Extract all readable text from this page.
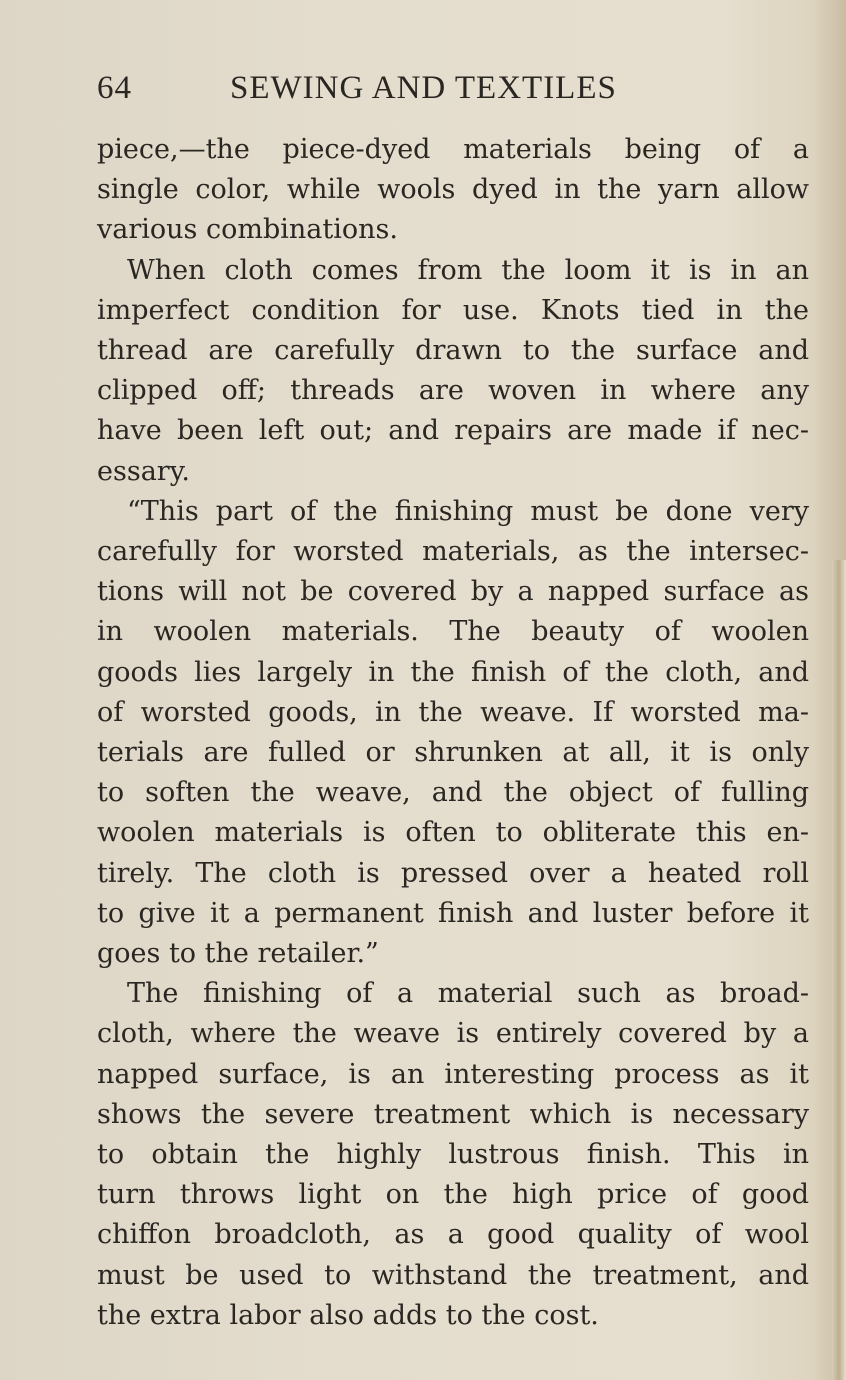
64	SEWING AND TEXTILES
piece,—the piece-dyed materials being of a
single color, while wools dyed in the yarn allow
various combinations.
When cloth comes from the loom it is in an
imperfect condition for use. Knots tied in the
thread are carefully drawn to the surface and
clipped off; threads are woven in where any
have been left out; and repairs are made if nec-
essary.
“This part of the finishing must be done very
carefully for worsted materials, as the intersec-
tions will not be covered by a napped surface as
in woolen materials. The beauty of woolen
goods lies largely in the finish of the cloth, and
of worsted goods, in the weave. If worsted ma-
terials are fulled or shrunken at all, it is only
to soften the weave, and the object of fulling
woolen materials is often to obliterate this en-
tirely. The cloth is pressed over a heated roll
to give it a permanent finish and luster before it
goes to the retailer.”
The finishing of a material such as broad-
cloth, where the weave is entirely covered by a
napped surface, is an interesting process as it
shows the severe treatment which is necessary
to obtain the highly lustrous finish. This in
turn throws light on the high price of good
chiffon broadcloth, as a good quality of wool
must be used to withstand the treatment, and
the extra labor also adds to the cost.
